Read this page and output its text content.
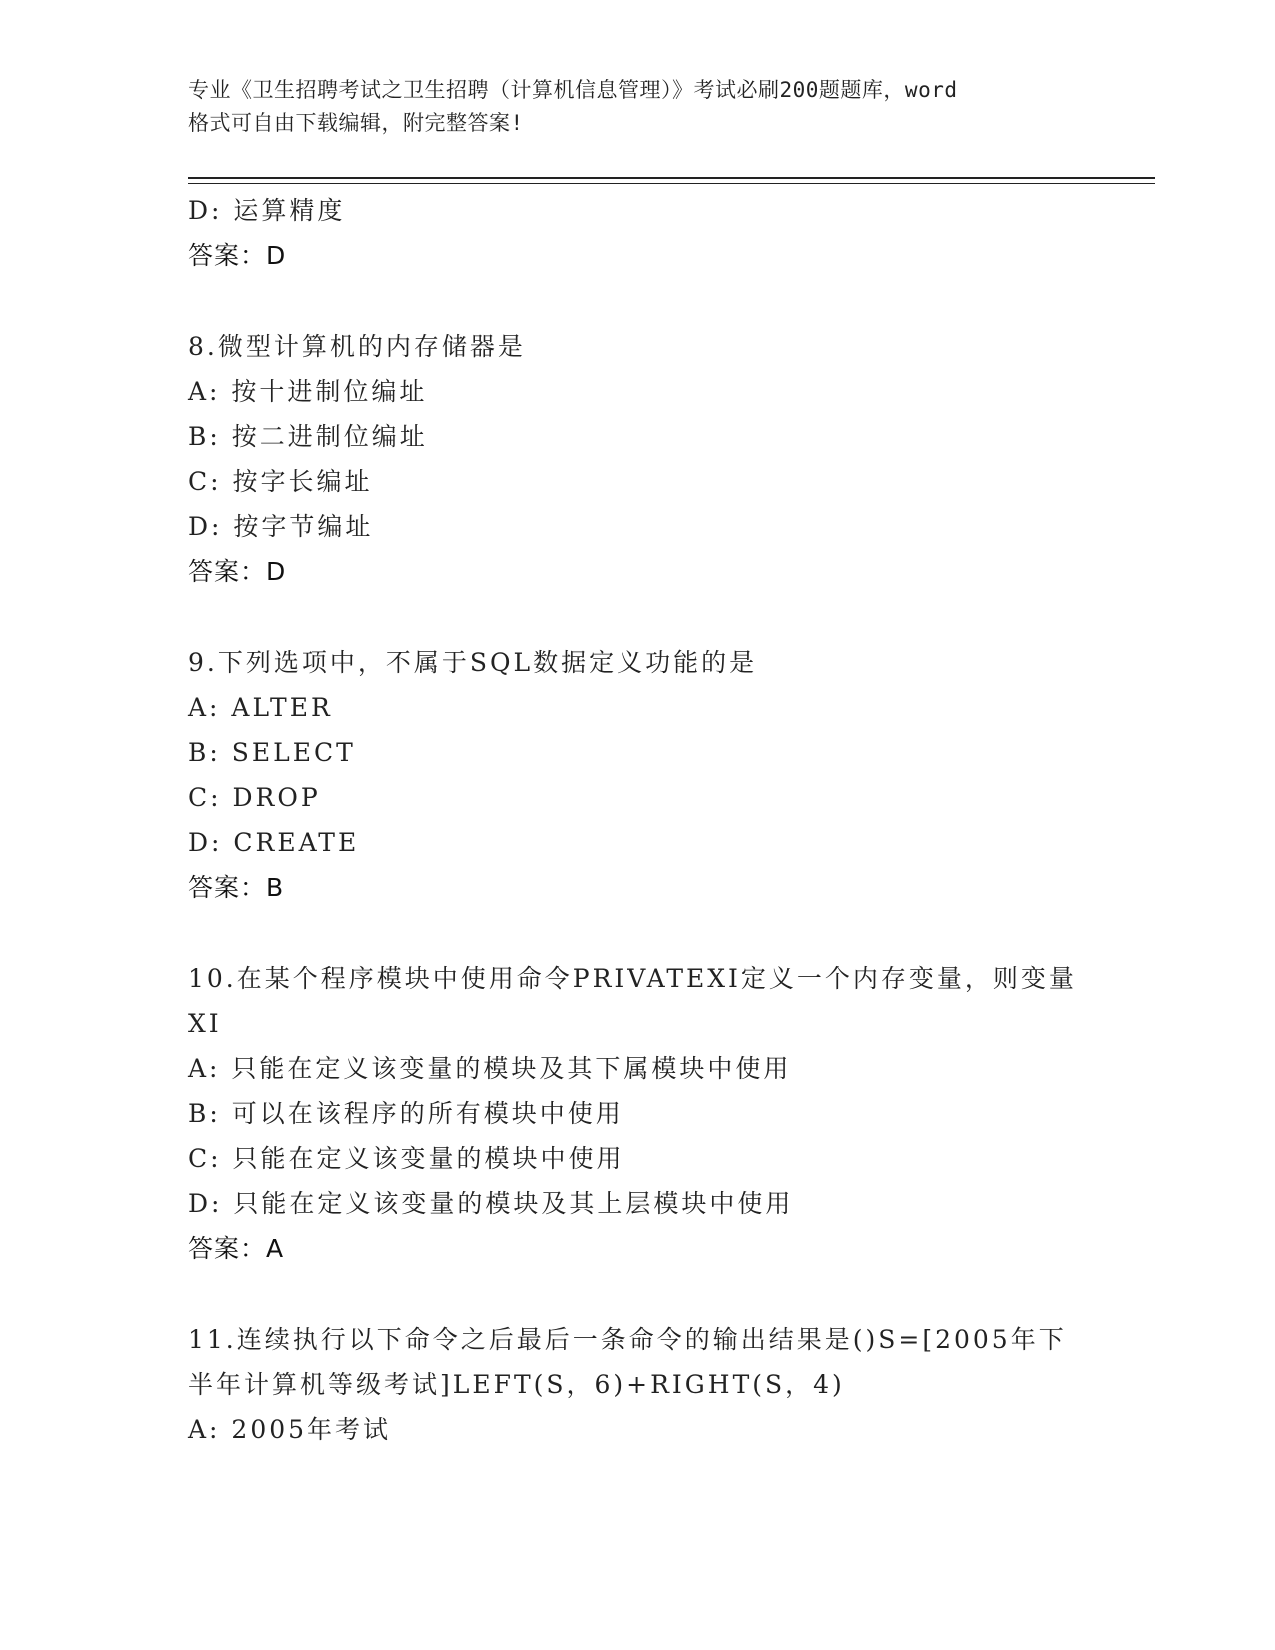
专业《卫生招聘考试之卫生招聘（计算机信息管理）》考试必刷200题题库，word
格式可自由下载编辑，附完整答案!
D: 运算精度
答案：D
8.微型计算机的内存储器是
A: 按十进制位编址
B: 按二进制位编址
C: 按字长编址
D: 按字节编址
答案：D
9.下列选项中，不属于SQL数据定义功能的是
A: ALTER
B: SELECT
C: DROP
D: CREATE
答案：B
10.在某个程序模块中使用命令PRIVATEXI定义一个内存变量，则变量
XI
A: 只能在定义该变量的模块及其下属模块中使用
B: 可以在该程序的所有模块中使用
C: 只能在定义该变量的模块中使用
D: 只能在定义该变量的模块及其上层模块中使用
答案：A
11.连续执行以下命令之后最后一条命令的输出结果是()S=[2005年下
半年计算机等级考试]LEFT(S，6)+RIGHT(S，4)
A: 2005年考试
